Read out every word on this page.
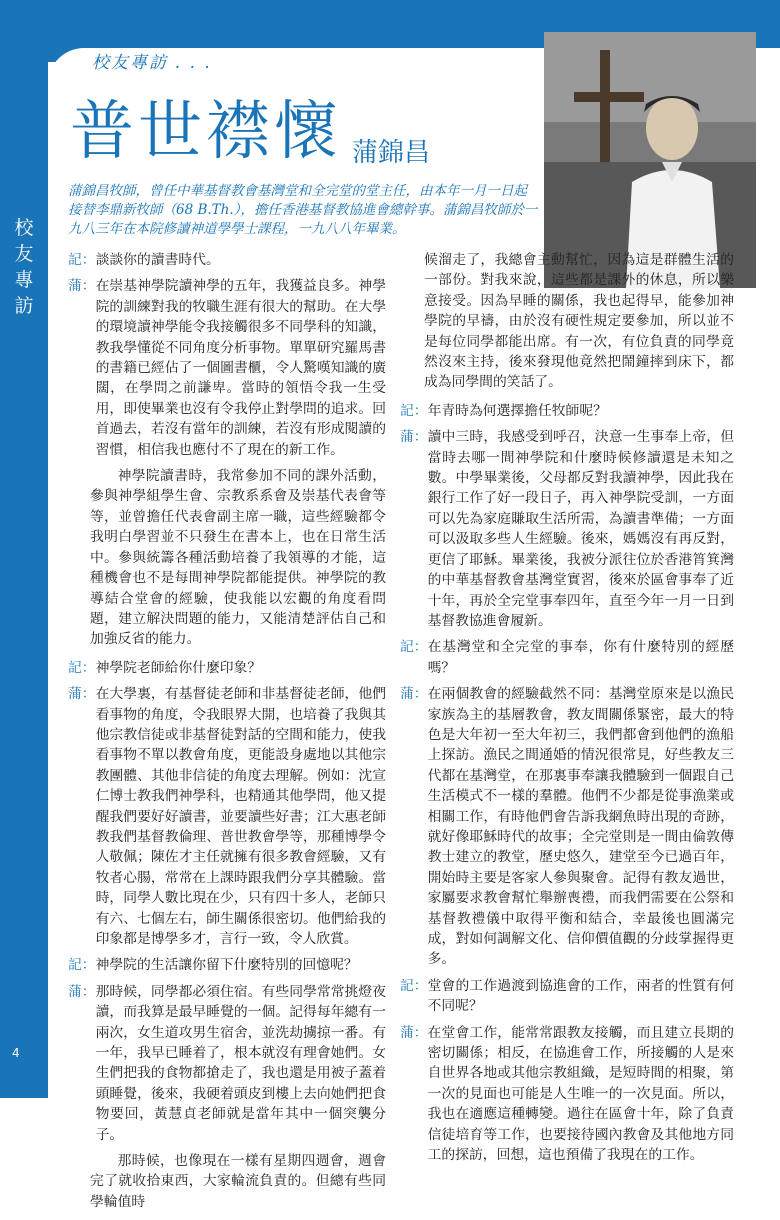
校友專訪
4
校友專訪 . . .
普世襟懷 蒲錦昌
蒲錦昌牧師，曾任中華基督教會基灣堂和全完堂的堂主任，由本年一月一日起接替李鼎新牧師（68 B.Th.），擔任香港基督教協進會總幹事。蒲錦昌牧師於一九八三年在本院修讀神道學學士課程，一九八八年畢業。
記： 談談你的讀書時代。
蒲： 在崇基神學院讀神學的五年，我獲益良多。神學院的訓練對我的牧職生涯有很大的幫助。在大學的環境讀神學能令我接觸很多不同學科的知識，教我學懂從不同角度分析事物。單單研究羅馬書的書籍已經佔了一個圖書櫃，令人驚嘆知識的廣闊，在學問之前謙卑。當時的領悟令我一生受用，即使畢業也沒有令我停止對學問的追求。回首過去，若沒有當年的訓練，若沒有形成閱讀的習慣，相信我也應付不了現在的新工作。
神學院讀書時，我常參加不同的課外活動，參與神學組學生會、宗教系系會及崇基代表會等等，並曾擔任代表會副主席一職，這些經驗都令我明白學習並不只發生在書本上，也在日常生活中。參與統籌各種活動培養了我領導的才能，這種機會也不是每間神學院都能提供。神學院的教導結合堂會的經驗，使我能以宏觀的角度看問題，建立解決問題的能力，又能清楚評估自己和加強反省的能力。
記： 神學院老師給你什麼印象？
蒲： 在大學裏，有基督徒老師和非基督徒老師，他們看事物的角度，令我眼界大開，也培養了我與其他宗教信徒或非基督徒對話的空間和能力，使我看事物不單以教會角度，更能設身處地以其他宗教團體、其他非信徒的角度去理解。例如：沈宣仁博士教我們神學科，也精通其他學問，他又提醒我們要好好讀書，並要讀些好書；江大惠老師教我們基督教倫理、普世教會學等，那種博學令人敬佩；陳佐才主任就擁有很多教會經驗，又有牧者心腸，常常在上課時跟我們分享其體驗。當時，同學人數比現在少，只有四十多人，老師只有六、七個左右，師生關係很密切。他們給我的印象都是博學多才，言行一致，令人欣賞。
記： 神學院的生活讓你留下什麼特別的回憶呢？
蒲： 那時候，同學都必須住宿。有些同學常常挑燈夜讀，而我算是最早睡覺的一個。記得每年總有一兩次，女生道攻男生宿舍，並洗劫擄掠一番。有一年，我早已睡着了，根本就沒有理會她們。女生們把我的食物都搶走了，我也還是用被子蓋着頭睡覺，後來，我硬着頭皮到樓上去向她們把食物要回，黃慧貞老師就是當年其中一個突襲分子。
那時候，也像現在一樣有星期四週會，週會完了就收拾東西，大家輪流負責的。但總有些同學輪值時
候溜走了，我總會主動幫忙，因為這是群體生活的一部份。對我來說，這些都是課外的休息，所以樂意接受。因為早睡的關係，我也起得早，能參加神學院的早禱，由於沒有硬性規定要參加，所以並不是每位同學都能出席。有一次，有位負責的同學竟然沒來主持，後來發現他竟然把鬧鐘摔到床下，都成為同學間的笑話了。
記： 年青時為何選擇擔任牧師呢？
蒲： 讀中三時，我感受到呼召，決意一生事奉上帝，但當時去哪一間神學院和什麼時候修讀還是未知之數。中學畢業後，父母都反對我讀神學，因此我在銀行工作了好一段日子，再入神學院受訓，一方面可以先為家庭賺取生活所需，為讀書準備；一方面可以汲取多些人生經驗。後來，媽媽沒有再反對，更信了耶穌。畢業後，我被分派往位於香港筲箕灣的中華基督教會基灣堂實習，後來於區會事奉了近十年，再於全完堂事奉四年，直至今年一月一日到基督教協進會履新。
記： 在基灣堂和全完堂的事奉，你有什麼特別的經歷嗎？
蒲： 在兩個教會的經驗截然不同：基灣堂原來是以漁民家族為主的基層教會，教友間關係緊密，最大的特色是大年初一至大年初三，我們都會到他們的漁船上探訪。漁民之間通婚的情況很常見，好些教友三代都在基灣堂，在那裏事奉讓我體驗到一個跟自己生活模式不一樣的羣體。他們不少都是從事漁業或相關工作，有時他們會告訴我網魚時出現的奇跡，就好像耶穌時代的故事；全完堂則是一間由倫敦傳教士建立的教堂，歷史悠久，建堂至今已過百年，開始時主要是客家人參與聚會。記得有教友過世，家屬要求教會幫忙舉辦喪禮，而我們需要在公祭和基督教禮儀中取得平衡和結合，幸最後也圓滿完成，對如何調解文化、信仰價值觀的分歧掌握得更多。
記： 堂會的工作過渡到協進會的工作，兩者的性質有何不同呢？
蒲： 在堂會工作，能常常跟教友接觸，而且建立長期的密切關係；相反，在協進會工作，所接觸的人是來自世界各地或其他宗教組織，是短時間的相聚，第一次的見面也可能是人生唯一的一次見面。所以，我也在適應這種轉變。過往在區會十年，除了負責信徒培育等工作，也要接待國內教會及其他地方同工的探訪，回想，這也預備了我現在的工作。
